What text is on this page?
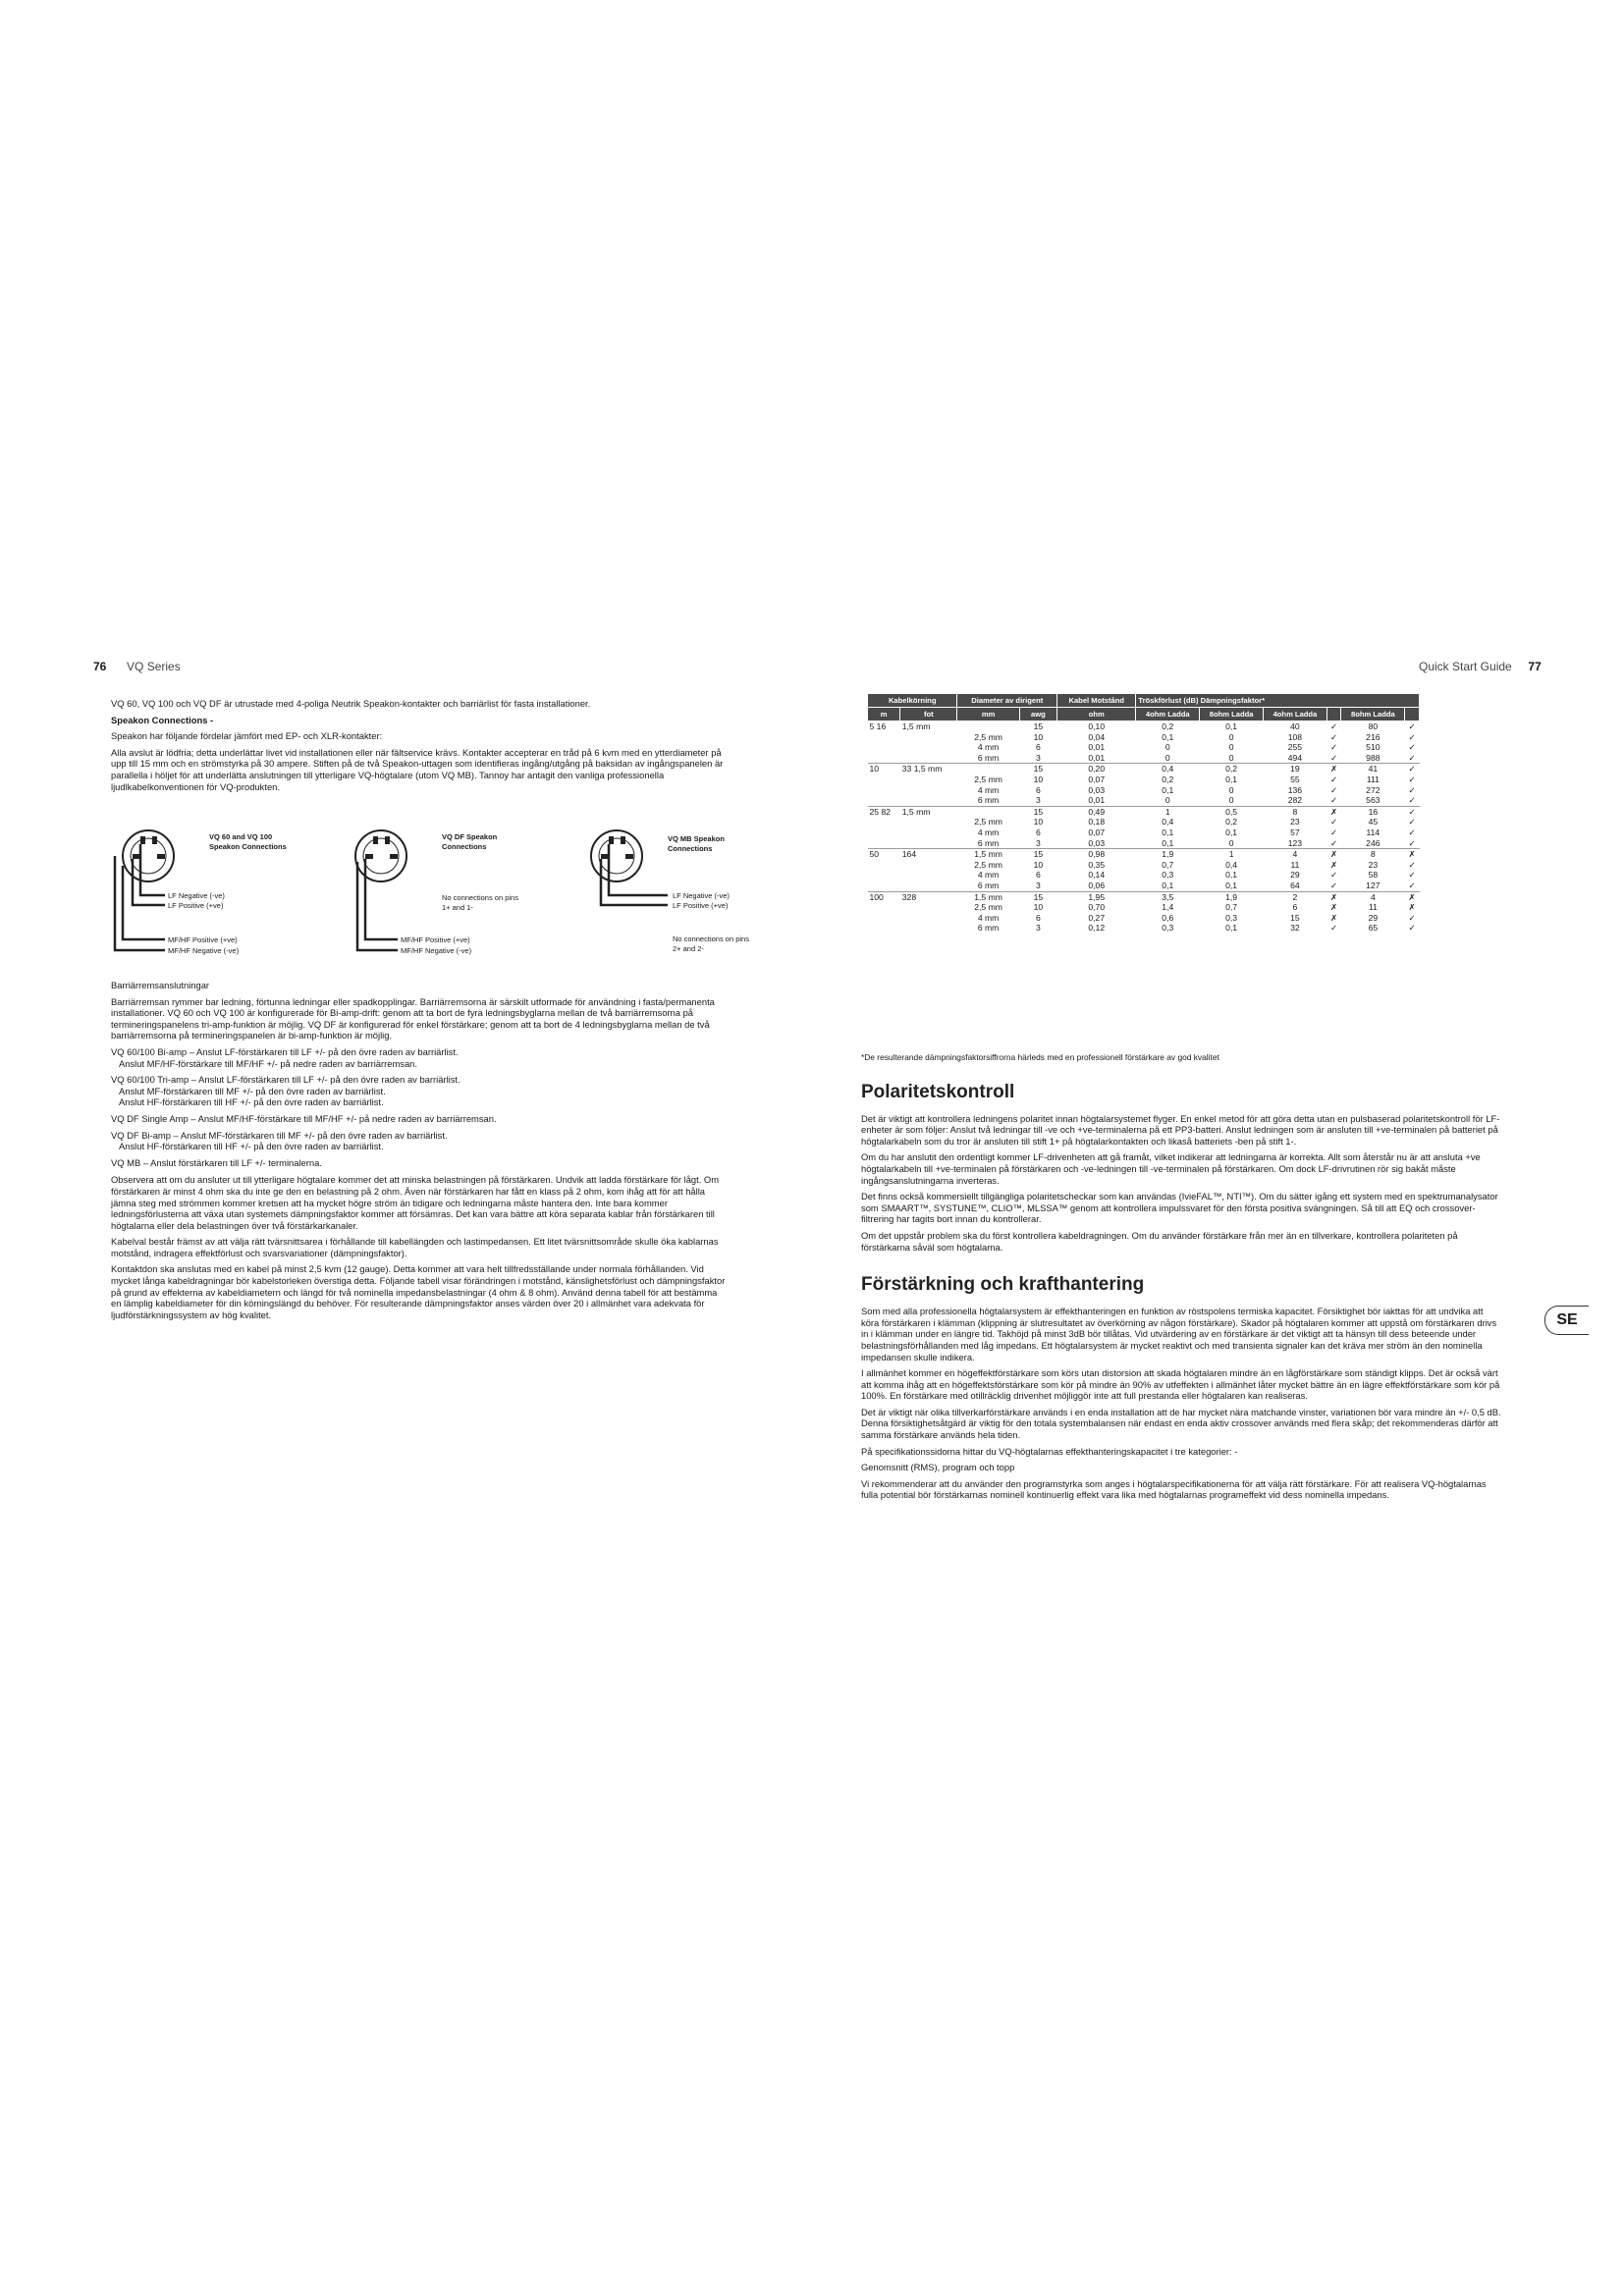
76 VQ Series	Quick Start Guide 77

VQ 60, VQ 100 och VQ DF är utrustade med 4-poliga Neutrik Speakon-kontakter och barriärlist för fasta installationer.

Speakon Connections -

Speakon har följande fördelar jämfört med EP- och XLR-kontakter:

Alla avslut är lödfria; detta underlättar livet vid installationen eller när fältservice krävs. Kontakter accepterar en tråd på 6 kvm med en ytterdiameter på upp till 15 mm och en strömstyrka på 30 ampere. Stiften på de två Speakon-uttagen som identifieras ingång/utgång på baksidan av ingångspanelen är parallella i höljet för att underlätta anslutningen till ytterligare VQ-högtalare (utom VQ MB). Tannoy har antagit den vanliga professionella ljudlkabelkonventionen för VQ-produkten.

VQ 60 and VQ 100
Speakon Connections
LF Negative (-ve)
LF Positive (+ve)
MF/HF Positive (+ve)
MF/HF Negative (-ve)
VQ DF Speakon
Connections
No connections on pins
1+ and 1-
MF/HF Positive (+ve)
MF/HF Negative (-ve)
VQ MB Speakon
Connections
LF Negative (-ve)
LF Positive (+ve)
No connections on pins
2+ and 2-

Barriärremsanslutningar

Barriärremsan rymmer bar ledning, förtunna ledningar eller spadkopplingar. Barriärremsorna är särskilt utformade för användning i fasta/permanenta installationer. VQ 60 och VQ 100 är konfigurerade för Bi-amp-drift: genom att ta bort de fyra ledningsbyglarna mellan de två barriärremsorna på termineringspanelens tri-amp-funktion är möjlig. VQ DF är konfigurerad för enkel förstärkare; genom att ta bort de 4 ledningsbyglarna mellan de två barriärremsorna på termineringspanelen är bi-amp-funktion är möjlig.

VQ 60/100 Bi-amp – Anslut LF-förstärkaren till LF +/- på den övre raden av barriärlist.

Anslut MF/HF-förstärkare till MF/HF +/- på nedre raden av barriärremsan.

VQ 60/100 Tri-amp – Anslut LF-förstärkaren till LF +/- på den övre raden av barriärlist.

Anslut MF-förstärkaren till MF +/- på den övre raden av barriärlist.

Anslut HF-förstärkaren till HF +/- på den övre raden av barriärlist.

VQ DF Single Amp – Anslut MF/HF-förstärkare till MF/HF +/- på nedre raden av barriärremsan.

VQ DF Bi-amp – Anslut MF-förstärkaren till MF +/- på den övre raden av barriärlist.

Anslut HF-förstärkaren till HF +/- på den övre raden av barriärlist.

VQ MB – Anslut förstärkaren till LF +/- terminalerna.

Observera att om du ansluter ut till ytterligare högtalare kommer det att minska belastningen på förstärkaren. Undvik att ladda förstärkare för lågt. Om förstärkaren är minst 4 ohm ska du inte ge den en belastning på 2 ohm. Även när förstärkaren har fått en klass på 2 ohm, kom ihåg att för att hålla jämna steg med strömmen kommer kretsen att ha mycket högre ström än tidigare och ledningarna måste hantera den. Inte bara kommer ledningsförlusterna att växa utan systemets dämpningsfaktor kommer att försämras. Det kan vara bättre att köra separata kablar från förstärkaren till högtalarna eller dela belastningen över två förstärkarkanaler.

Kabelval består främst av att välja rätt tvärsnittsarea i förhållande till kabellängden och lastimpedansen. Ett litet tvärsnittsområde skulle öka kablarnas motstånd, indragera effektförlust och svarsvariationer (dämpningsfaktor).

Kontaktdon ska anslutas med en kabel på minst 2,5 kvm (12 gauge). Detta kommer att vara helt tillfredsställande under normala förhållanden. Vid mycket långa kabeldragningar bör kabelstorleken överstiga detta. Följande tabell visar förändringen i motstånd, känslighetsförlust och dämpningsfaktor på grund av effekterna av kabeldiametern och längd för två nominella impedansbelastningar (4 ohm & 8 ohm). Använd denna tabell för att bestämma en lämplig kabeldiameter för din körningslängd du behöver. För resulterande dämpningsfaktor anses värden över 20 i allmänhet vara adekvata för ljudförstärkningssystem av hög kvalitet.

Kabelkörning		Diameter av dirigent		Kabel Motstånd	Tröskförlust (dB) Dämpningsfaktor*					
m	fot	mm	awg	ohm	4ohm Ladda	8ohm Ladda	4ohm Ladda		8ohm Ladda	
5 16	1,5 mm		15	0,10	0,2	0,1	40	✓	80	✓
		2,5 mm	10	0,04	0,1	0	108	✓	216	✓
		4 mm	6	0,01	0	0	255	✓	510	✓
		6 mm	3	0,01	0	0	494	✓	988	✓
10	33 1,5 mm		15	0,20	0,4	0,2	19	✗	41	✓
		2,5 mm	10	0,07	0,2	0,1	55	✓	111	✓
		4 mm	6	0,03	0,1	0	136	✓	272	✓
		6 mm	3	0,01	0	0	282	✓	563	✓
25 82	1,5 mm		15	0,49	1	0,5	8	✗	16	✓
		2,5 mm	10	0,18	0,4	0,2	23	✓	45	✓
		4 mm	6	0,07	0,1	0,1	57	✓	114	✓
		6 mm	3	0,03	0,1	0	123	✓	246	✓
50	164	1,5 mm	15	0,98	1,9	1	4	✗	8	✗
		2,5 mm	10	0,35	0,7	0,4	11	✗	23	✓
		4 mm	6	0,14	0,3	0,1	29	✓	58	✓
		6 mm	3	0,06	0,1	0,1	64	✓	127	✓
100	328	1,5 mm	15	1,95	3,5	1,9	2	✗	4	✗
		2,5 mm	10	0,70	1,4	0,7	6	✗	11	✗
		4 mm	6	0,27	0,6	0,3	15	✗	29	✓
		6 mm	3	0,12	0,3	0,1	32	✓	65	✓

*De resulterande dämpningsfaktorsiffrorna härleds med en professionell förstärkare av god kvalitet

Polaritetskontroll

Det är viktigt att kontrollera ledningens polaritet innan högtalarsystemet flyger. En enkel metod för att göra detta utan en pulsbaserad polaritetskontroll för LF-enheter är som följer: Anslut två ledningar till -ve och +ve-terminalerna på ett PP3-batteri. Anslut ledningen som är ansluten till +ve-terminalen på batteriet på högtalarkabeln som du tror är ansluten till stift 1+ på högtalarkontakten och likaså batteriets -ben på stift 1-.

Om du har anslutit den ordentligt kommer LF-drivenheten att gå framåt, vilket indikerar att ledningarna är korrekta. Allt som återstår nu är att ansluta +ve högtalarkabeln till +ve-terminalen på förstärkaren och -ve-ledningen till -ve-terminalen på förstärkaren. Om dock LF-drivrutinen rör sig bakåt måste ingångsanslutningarna inverteras.

Det finns också kommersiellt tillgängliga polaritetscheckar som kan användas (IvieFAL™, NTI™). Om du sätter igång ett system med en spektrumanalysator som SMAART™, SYSTUNE™, CLIO™, MLSSA™ genom att kontrollera impulssvaret för den första positiva svängningen. Så till att EQ och crossover-filtrering har tagits bort innan du kontrollerar.

Om det uppstår problem ska du först kontrollera kabeldragningen. Om du använder förstärkare från mer än en tillverkare, kontrollera polariteten på förstärkarna såväl som högtalarna.

Förstärkning och krafthantering

Som med alla professionella högtalarsystem är effekthanteringen en funktion av röstspolens termiska kapacitet. Försiktighet bör iakttas för att undvika att köra förstärkaren i klämman (klippning är slutresultatet av överkörning av någon förstärkare). Skador på högtalaren kommer att uppstå om förstärkaren drivs in i klämman under en längre tid. Takhöjd på minst 3dB bör tillåtas. Vid utvärdering av en förstärkare är det viktigt att ta hänsyn till dess beteende under belastningsförhållanden med låg impedans. Ett högtalarsystem är mycket reaktivt och med transienta signaler kan det kräva mer ström än den nominella impedansen skulle indikera.

I allmänhet kommer en högeffektförstärkare som körs utan distorsion att skada högtalaren mindre än en lågförstärkare som ständigt klipps. Det är också värt att komma ihåg att en högeffektsförstärkare som kör på mindre än 90% av utfeffekten i allmänhet låter mycket bättre än en lägre effektförstärkare som kör på 100%. En förstärkare med otillräcklig drivenhet möjliggör inte att full prestanda eller högtalaren kan realiseras.

Det är viktigt när olika tillverkarförstärkare används i en enda installation att de har mycket nära matchande vinster, variationen bör vara mindre än +/- 0,5 dB. Denna försiktighetsåtgärd är viktig för den totala systembalansen när endast en enda aktiv crossover används med flera skåp; det rekommenderas därför att samma förstärkare används hela tiden.

På specifikationssidorna hittar du VQ-högtalarnas effekthanteringskapacitet i tre kategorier: -

Genomsnitt (RMS), program och topp

Vi rekommenderar att du använder den programstyrka som anges i högtalarspecifikationerna för att välja rätt förstärkare. För att realisera VQ-högtalarnas fulla potential bör förstärkarnas nominell kontinuerlig effekt vara lika med högtalarnas programeffekt vid dess nominella impedans.

SE
